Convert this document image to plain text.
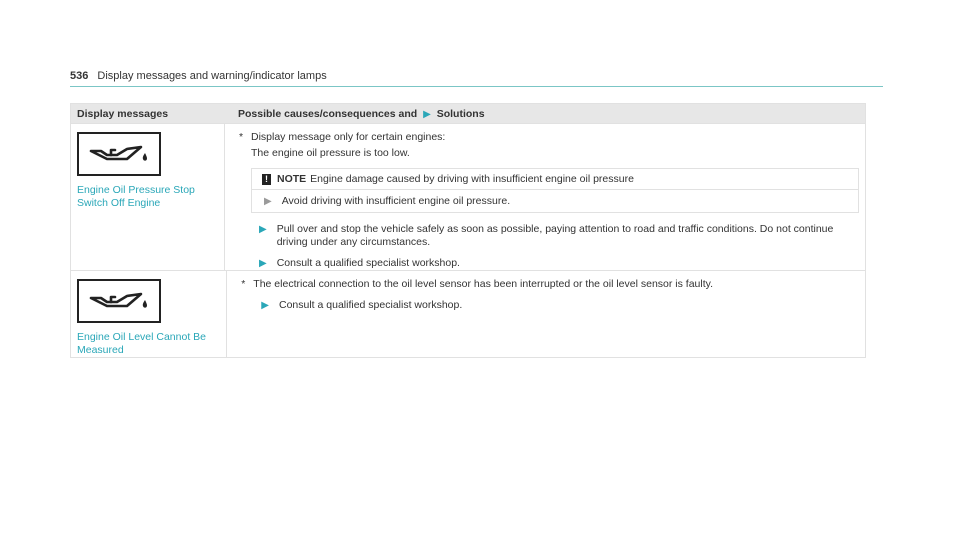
536 Display messages and warning/indicator lamps
Display messages	Possible causes/consequences and ▶ Solutions
Engine Oil Pressure Stop
Switch Off Engine
* Display message only for certain engines:
The engine oil pressure is too low.
! NOTE Engine damage caused by driving with insufficient engine oil pressure
▶ Avoid driving with insufficient engine oil pressure.
▶ Pull over and stop the vehicle safely as soon as possible, paying attention to road and traffic conditions. Do not continue driving under any circumstances.
▶ Consult a qualified specialist workshop.
Engine Oil Level Cannot Be
Measured
* The electrical connection to the oil level sensor has been interrupted or the oil level sensor is faulty.
▶ Consult a qualified specialist workshop.
